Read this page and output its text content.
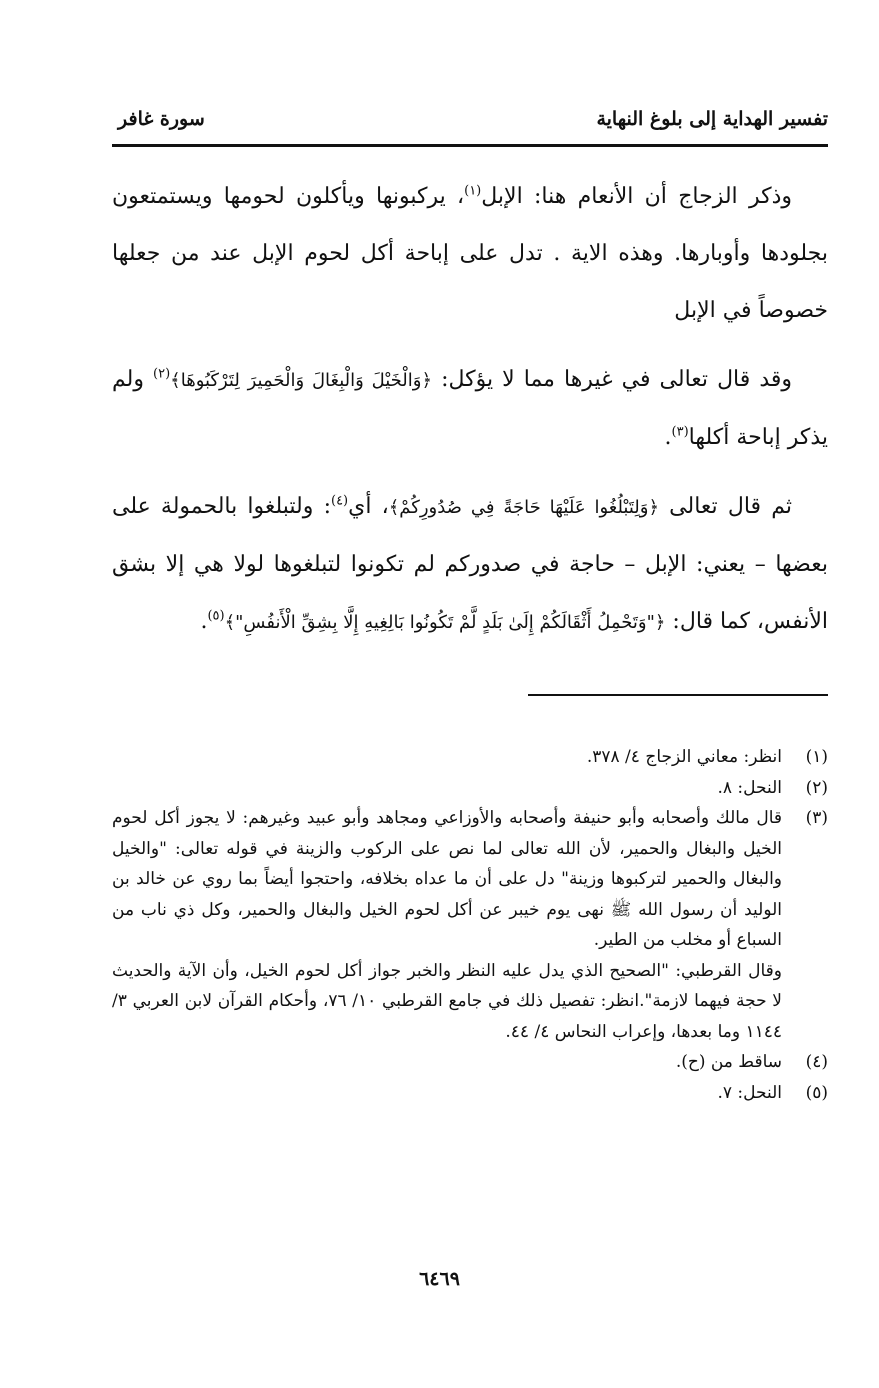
تفسير الهداية إلى بلوغ النهاية
سورة غافر

وذكر الزجاج أن الأنعام هنا: الإبل$^{(١)}$، يركبونها ويأكلون لحومها ويستمتعون بجلودها وأوبارها. وهذه الاية . تدل على إباحة أكل لحوم الإبل عند من جعلها خصوصاً في الإبل

وقد قال تعالى في غيرها مما لا يؤكل: ﴿وَالْخَيْلَ وَالْبِغَالَ وَالْحَمِيرَ لِتَرْكَبُوهَا﴾$^{(٢)}$ ولم يذكر إباحة أكلها$^{(٣)}$.

ثم قال تعالى ﴿وَلِتَبْلُغُوا عَلَيْهَا حَاجَةً فِي صُدُورِكُمْ﴾، أي$^{(٤)}$: ولتبلغوا بالحمولة على بعضها – يعني: الإبل – حاجة في صدوركم لم تكونوا لتبلغوها لولا هي إلا بشق الأنفس، كما قال: ﴿"وَتَحْمِلُ أَثْقَالَكُمْ إِلَىٰ بَلَدٍ لَّمْ تَكُونُوا بَالِغِيهِ إِلَّا بِشِقِّ الْأَنفُسِ"﴾$^{(٥)}$.

(١)
انظر: معاني الزجاج ٤/ ٣٧٨.
(٢)
النحل: ٨.
(٣)
قال مالك وأصحابه وأبو حنيفة وأصحابه والأوزاعي ومجاهد وأبو عبيد وغيرهم: لا يجوز أكل لحوم الخيل والبغال والحمير، لأن الله تعالى لما نص على الركوب والزينة في قوله تعالى: "والخيل والبغال والحمير لتركبوها وزينة" دل على أن ما عداه بخلافه، واحتجوا أيضاً بما روي عن خالد بن الوليد أن رسول الله ﷺ نهى يوم خيبر عن أكل لحوم الخيل والبغال والحمير، وكل ذي ناب من السباع أو مخلب من الطير.
وقال القرطبي: "الصحيح الذي يدل عليه النظر والخبر جواز أكل لحوم الخيل، وأن الآية والحديث لا حجة فيهما لازمة".انظر: تفصيل ذلك في جامع القرطبي ١٠/ ٧٦، وأحكام القرآن لابن العربي ٣/ ١١٤٤ وما بعدها، وإعراب النحاس ٤/ ٤٤.
(٤)
ساقط من (ح).
(٥)
النحل: ٧.
٦٤٦٩
